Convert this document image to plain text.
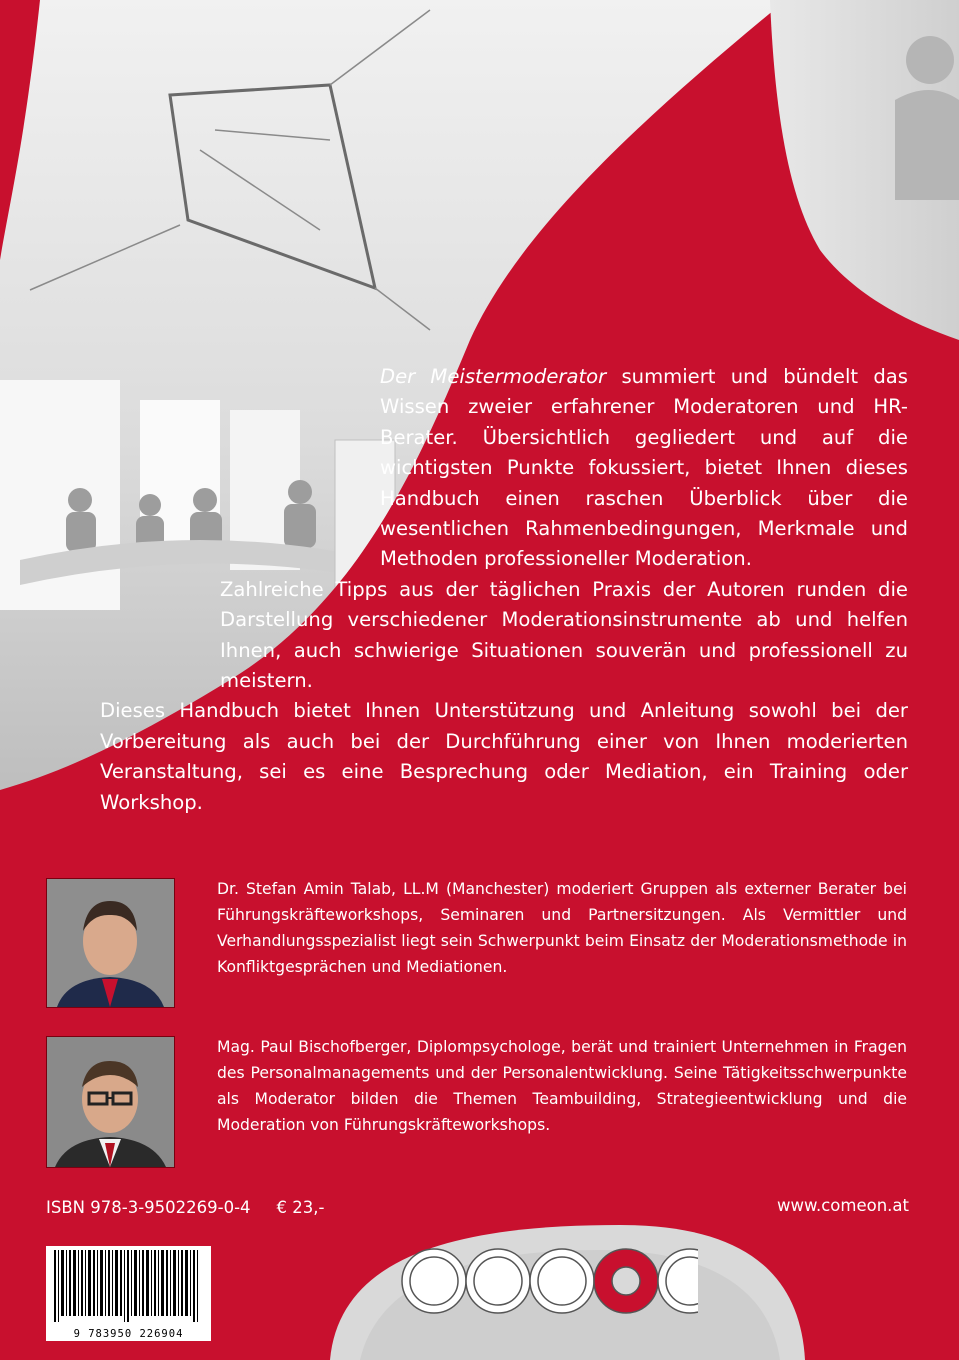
Der Meistermoderator summiert und bündelt das Wissen zweier erfahrener Moderatoren und HR-Berater. Übersichtlich gegliedert und auf die wichtigsten Punkte fokussiert, bietet Ihnen dieses Handbuch einen raschen Überblick über die wesentlichen Rahmenbedingungen, Merkmale und Methoden professioneller Moderation.

Zahlreiche Tipps aus der täglichen Praxis der Autoren runden die Darstellung verschiedener Moderationsinstrumente ab und helfen Ihnen, auch schwierige Situationen souverän und professionell zu meistern.

Dieses Handbuch bietet Ihnen Unterstützung und Anleitung sowohl bei der Vorbereitung als auch bei der Durchführung einer von Ihnen moderierten Veranstaltung, sei es eine Besprechung oder Mediation, ein Training oder Workshop.

Dr. Stefan Amin Talab, LL.M (Manchester) moderiert Gruppen als externer Berater bei Führungskräfteworkshops, Seminaren und Partnersitzungen. Als Vermittler und Verhandlungsspezialist liegt sein Schwerpunkt beim Einsatz der Moderationsmethode in Konfliktgesprächen und Mediationen.
Mag. Paul Bischofberger, Diplompsychologe, berät und trainiert Unternehmen in Fragen des Personalmanagements und der Personalentwicklung. Seine Tätigkeitsschwerpunkte als Moderator bilden die Themen Teambuilding, Strategieentwicklung und die Moderation von Führungskräfteworkshops.
ISBN 978-3-9502269-0-4 € 23,-	www.comeon.at
9 783950 226904
